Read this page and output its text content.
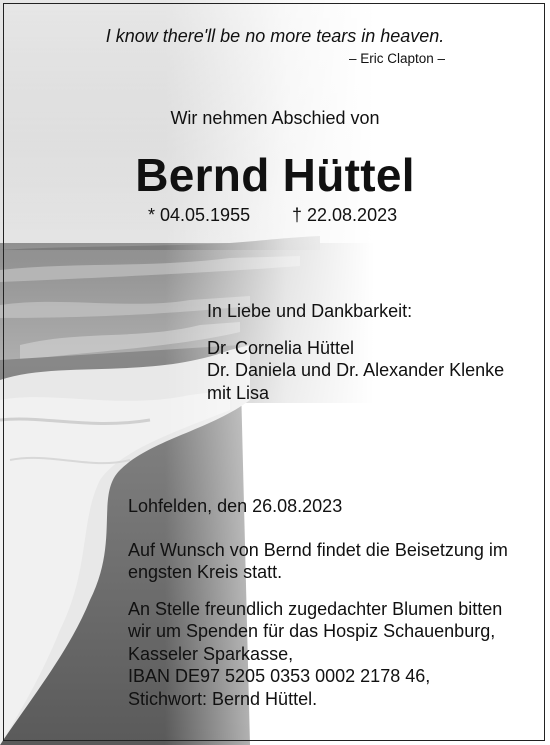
I know there'll be no more tears in heaven.

– Eric Clapton –

Wir nehmen Abschied von

Bernd Hüttel

* 04.05.1955 † 22.08.2023

In Liebe und Dankbarkeit:
Dr. Cornelia Hüttel
Dr. Daniela und Dr. Alexander Klenke
mit Lisa

Lohfelden, den 26.08.2023

Auf Wunsch von Bernd findet die Beisetzung im
engsten Kreis statt.

An Stelle freundlich zugedachter Blumen bitten
wir um Spenden für das Hospiz Schauenburg,
Kasseler Sparkasse,
IBAN DE97 5205 0353 0002 2178 46,
Stichwort: Bernd Hüttel.
